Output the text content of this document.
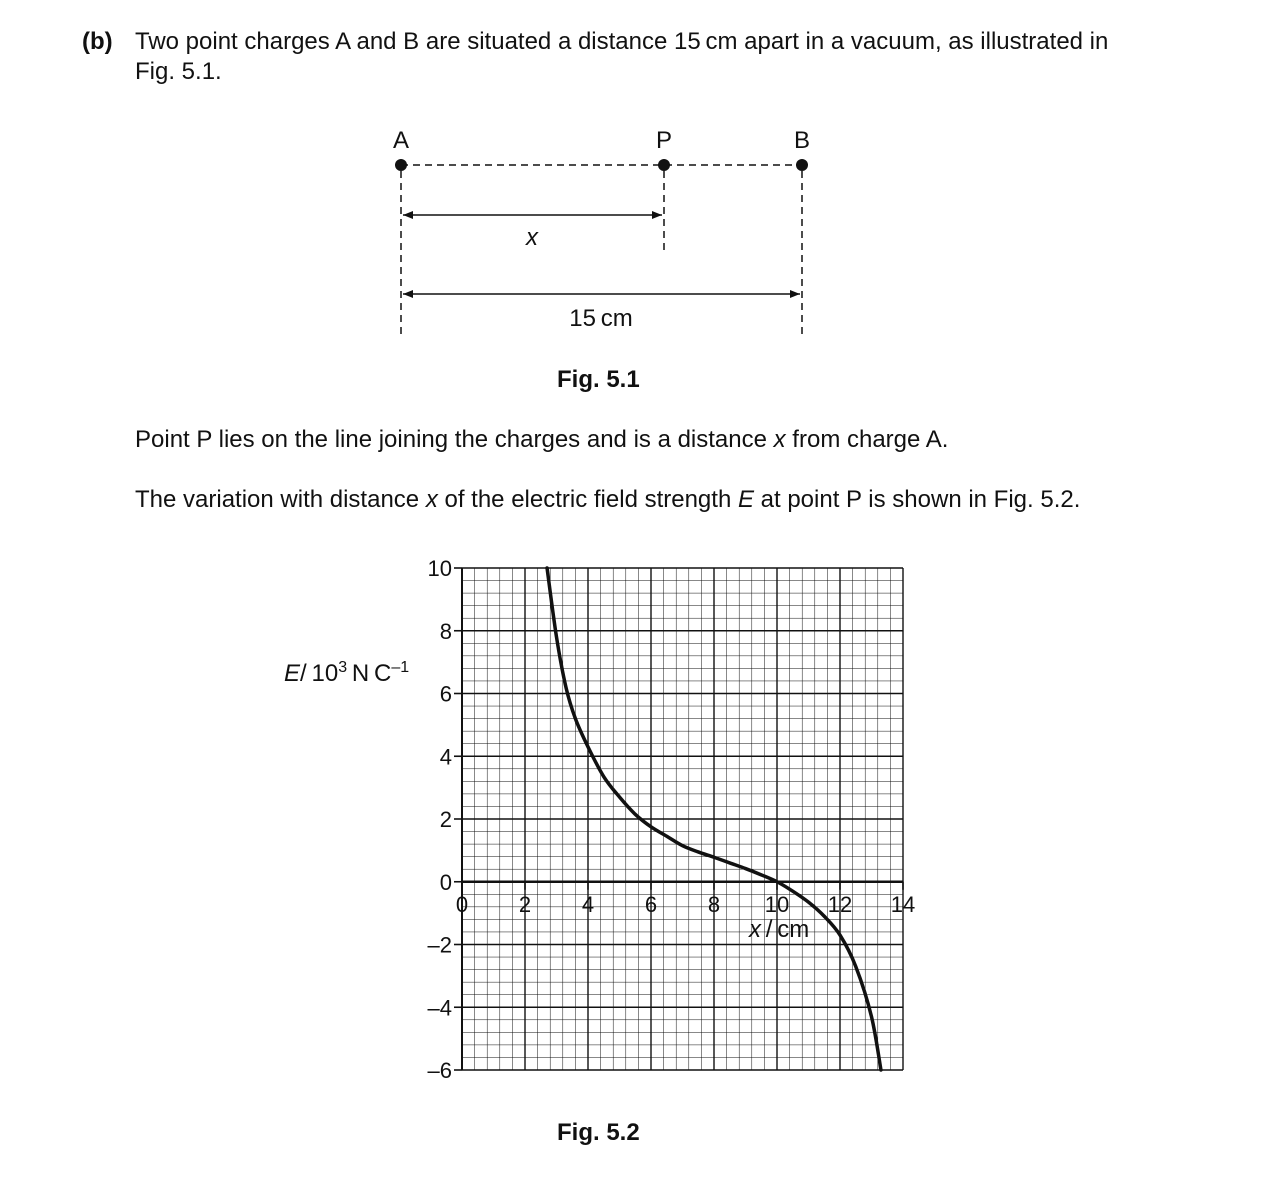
(b) Two point charges A and B are situated a distance 15 cm apart in a vacuum, as illustrated in
Fig. 5.1.
A	P	B
x
15 cm
Fig. 5.1
Point P lies on the line joining the charges and is a distance x from charge A.
The variation with distance x of the electric field strength E at point P is shown in Fig. 5.2.
10
8
6
4
2
0
–2
–4
–6
0 2 4 6 8 10 12 14
E/ $10^3$ N $C^{-1}$
x / cm
Fig. 5.2
